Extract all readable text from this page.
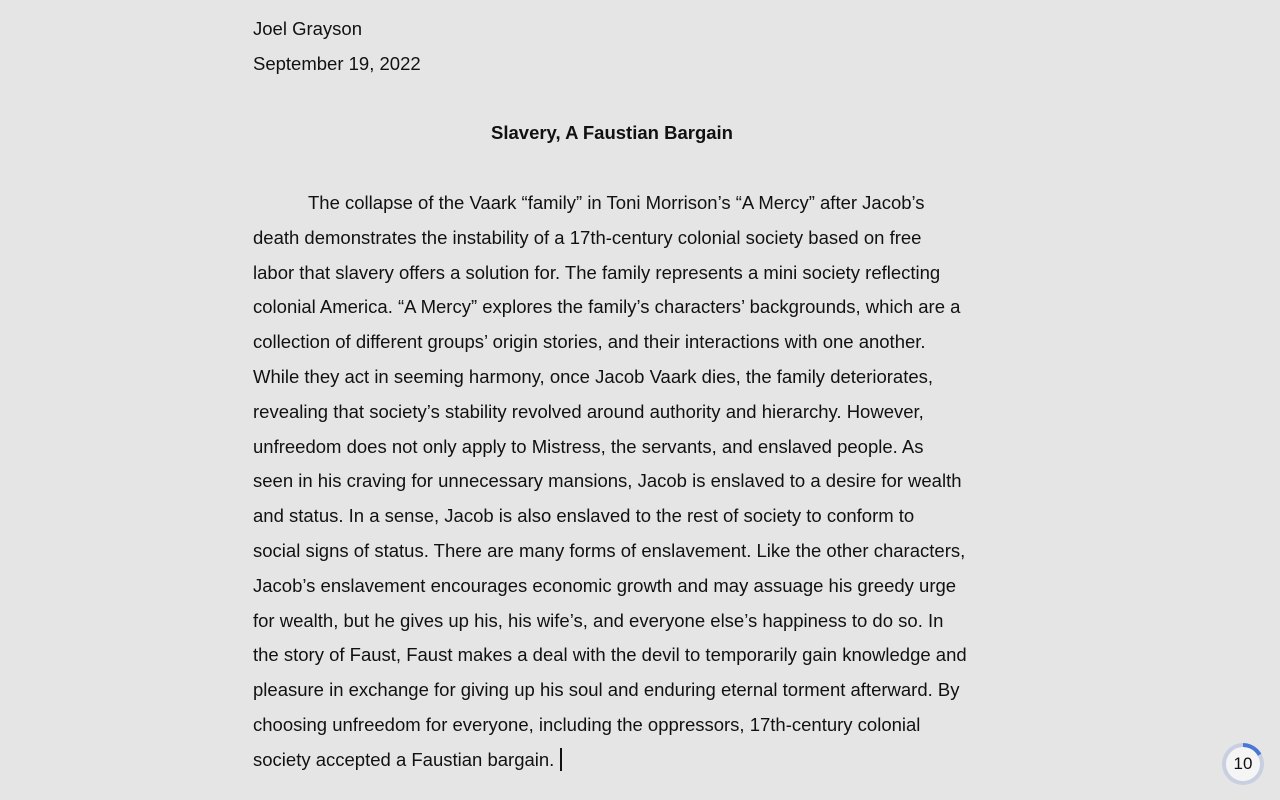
Joel Grayson
September 19, 2022
Slavery, A Faustian Bargain
The collapse of the Vaark “family” in Toni Morrison’s “A Mercy” after Jacob’s
death demonstrates the instability of a 17th-century colonial society based on free
labor that slavery offers a solution for. The family represents a mini society reflecting
colonial America. “A Mercy” explores the family’s characters’ backgrounds, which are a
collection of different groups’ origin stories, and their interactions with one another.
While they act in seeming harmony, once Jacob Vaark dies, the family deteriorates,
revealing that society’s stability revolved around authority and hierarchy. However,
unfreedom does not only apply to Mistress, the servants, and enslaved people. As
seen in his craving for unnecessary mansions, Jacob is enslaved to a desire for wealth
and status. In a sense, Jacob is also enslaved to the rest of society to conform to
social signs of status. There are many forms of enslavement. Like the other characters,
Jacob’s enslavement encourages economic growth and may assuage his greedy urge
for wealth, but he gives up his, his wife’s, and everyone else’s happiness to do so. In
the story of Faust, Faust makes a deal with the devil to temporarily gain knowledge and
pleasure in exchange for giving up his soul and enduring eternal torment afterward. By
choosing unfreedom for everyone, including the oppressors, 17th-century colonial
society accepted a Faustian bargain.	10
